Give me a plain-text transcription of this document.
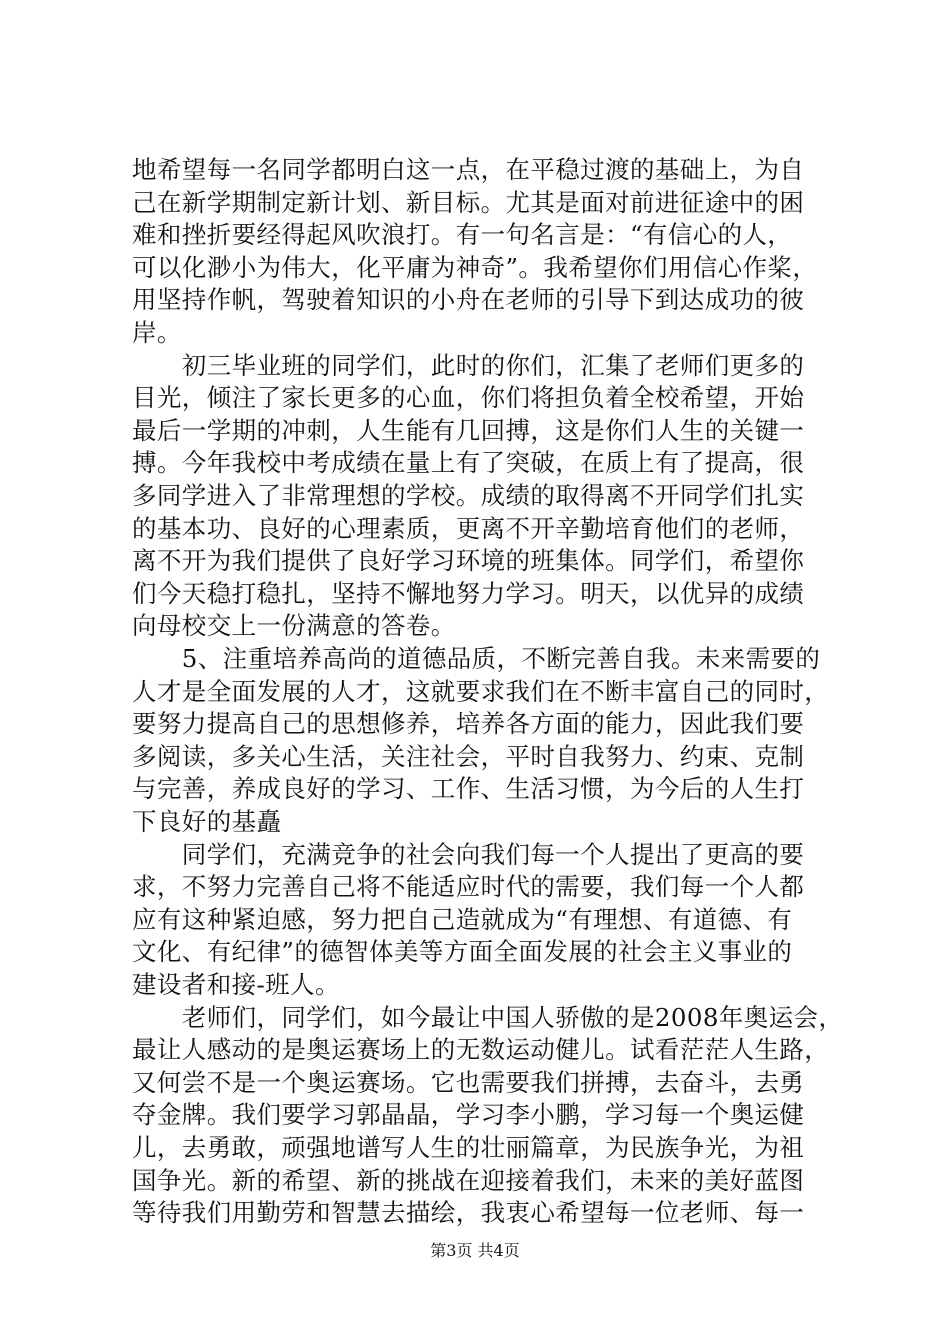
地希望每一名同学都明白这一点，在平稳过渡的基础上，为自
己在新学期制定新计划、新目标。尤其是面对前进征途中的困
难和挫折要经得起风吹浪打。有一句名言是：“有信心的人，
可以化渺小为伟大，化平庸为神奇”。我希望你们用信心作桨，
用坚持作帆，驾驶着知识的小舟在老师的引导下到达成功的彼
岸。
　　初三毕业班的同学们，此时的你们，汇集了老师们更多的
目光，倾注了家长更多的心血，你们将担负着全校希望，开始
最后一学期的冲刺，人生能有几回搏，这是你们人生的关键一
搏。今年我校中考成绩在量上有了突破，在质上有了提高，很
多同学进入了非常理想的学校。成绩的取得离不开同学们扎实
的基本功、良好的心理素质，更离不开辛勤培育他们的老师，
离不开为我们提供了良好学习环境的班集体。同学们，希望你
们今天稳打稳扎，坚持不懈地努力学习。明天，以优异的成绩
向母校交上一份满意的答卷。
　　5、注重培养高尚的道德品质，不断完善自我。未来需要的
人才是全面发展的人才，这就要求我们在不断丰富自己的同时，
要努力提高自己的思想修养，培养各方面的能力，因此我们要
多阅读，多关心生活，关注社会，平时自我努力、约束、克制
与完善，养成良好的学习、工作、生活习惯，为今后的人生打
下良好的基矗
　　同学们，充满竞争的社会向我们每一个人提出了更高的要
求，不努力完善自己将不能适应时代的需要，我们每一个人都
应有这种紧迫感，努力把自己造就成为“有理想、有道德、有
文化、有纪律”的德智体美等方面全面发展的社会主义事业的
建设者和接-班人。
　　老师们，同学们，如今最让中国人骄傲的是2008年奥运会，
最让人感动的是奥运赛场上的无数运动健儿。试看茫茫人生路，
又何尝不是一个奥运赛场。它也需要我们拼搏，去奋斗，去勇
夺金牌。我们要学习郭晶晶，学习李小鹏，学习每一个奥运健
儿，去勇敢，顽强地谱写人生的壮丽篇章，为民族争光，为祖
国争光。新的希望、新的挑战在迎接着我们，未来的美好蓝图
等待我们用勤劳和智慧去描绘，我衷心希望每一位老师、每一
第3页 共4页
